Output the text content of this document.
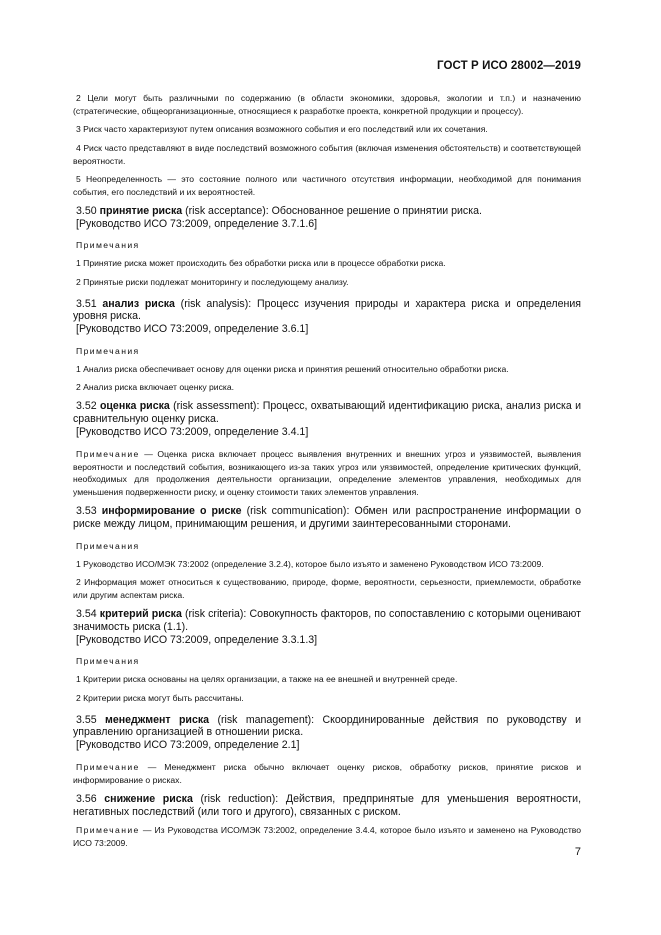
ГОСТ Р ИСО 28002—2019

2 Цели могут быть различными по содержанию (в области экономики, здоровья, экологии и т.п.) и назначению (стратегические, общеорганизационные, относящиеся к разработке проекта, конкретной продукции и процессу).

3 Риск часто характеризуют путем описания возможного события и его последствий или их сочетания.

4 Риск часто представляют в виде последствий возможного события (включая изменения обстоятельств) и соответствующей вероятности.

5 Неопределенность — это состояние полного или частичного отсутствия информации, необходимой для понимания события, его последствий и их вероятностей.

3.50 принятие риска (risk acceptance): Обоснованное решение о принятии риска.

[Руководство ИСО 73:2009, определение 3.7.1.6]

Примечания

1 Принятие риска может происходить без обработки риска или в процессе обработки риска.

2 Принятые риски подлежат мониторингу и последующему анализу.

3.51 анализ риска (risk analysis): Процесс изучения природы и характера риска и определения уровня риска.

[Руководство ИСО 73:2009, определение 3.6.1]

Примечания

1 Анализ риска обеспечивает основу для оценки риска и принятия решений относительно обработки риска.

2 Анализ риска включает оценку риска.

3.52 оценка риска (risk assessment): Процесс, охватывающий идентификацию риска, анализ риска и сравнительную оценку риска.

[Руководство ИСО 73:2009, определение 3.4.1]

Примечание — Оценка риска включает процесс выявления внутренних и внешних угроз и уязвимостей, выявления вероятности и последствий события, возникающего из-за таких угроз или уязвимостей, определение критических функций, необходимых для продолжения деятельности организации, определение элементов управления, необходимых для уменьшения подверженности риску, и оценку стоимости таких элементов управления.

3.53 информирование о риске (risk communication): Обмен или распространение информации о риске между лицом, принимающим решения, и другими заинтересованными сторонами.

Примечания

1 Руководство ИСО/МЭК 73:2002 (определение 3.2.4), которое было изъято и заменено Руководством ИСО 73:2009.

2 Информация может относиться к существованию, природе, форме, вероятности, серьезности, приемлемости, обработке или другим аспектам риска.

3.54 критерий риска (risk criteria): Совокупность факторов, по сопоставлению с которыми оценивают значимость риска (1.1).

[Руководство ИСО 73:2009, определение 3.3.1.3]

Примечания

1 Критерии риска основаны на целях организации, а также на ее внешней и внутренней среде.

2 Критерии риска могут быть рассчитаны.

3.55 менеджмент риска (risk management): Скоординированные действия по руководству и управлению организацией в отношении риска.

[Руководство ИСО 73:2009, определение 2.1]

Примечание — Менеджмент риска обычно включает оценку рисков, обработку рисков, принятие рисков и информирование о рисках.

3.56 снижение риска (risk reduction): Действия, предпринятые для уменьшения вероятности, негативных последствий (или того и другого), связанных с риском.

Примечание — Из Руководства ИСО/МЭК 73:2002, определение 3.4.4, которое было изъято и заменено на Руководство ИСО 73:2009.

7
